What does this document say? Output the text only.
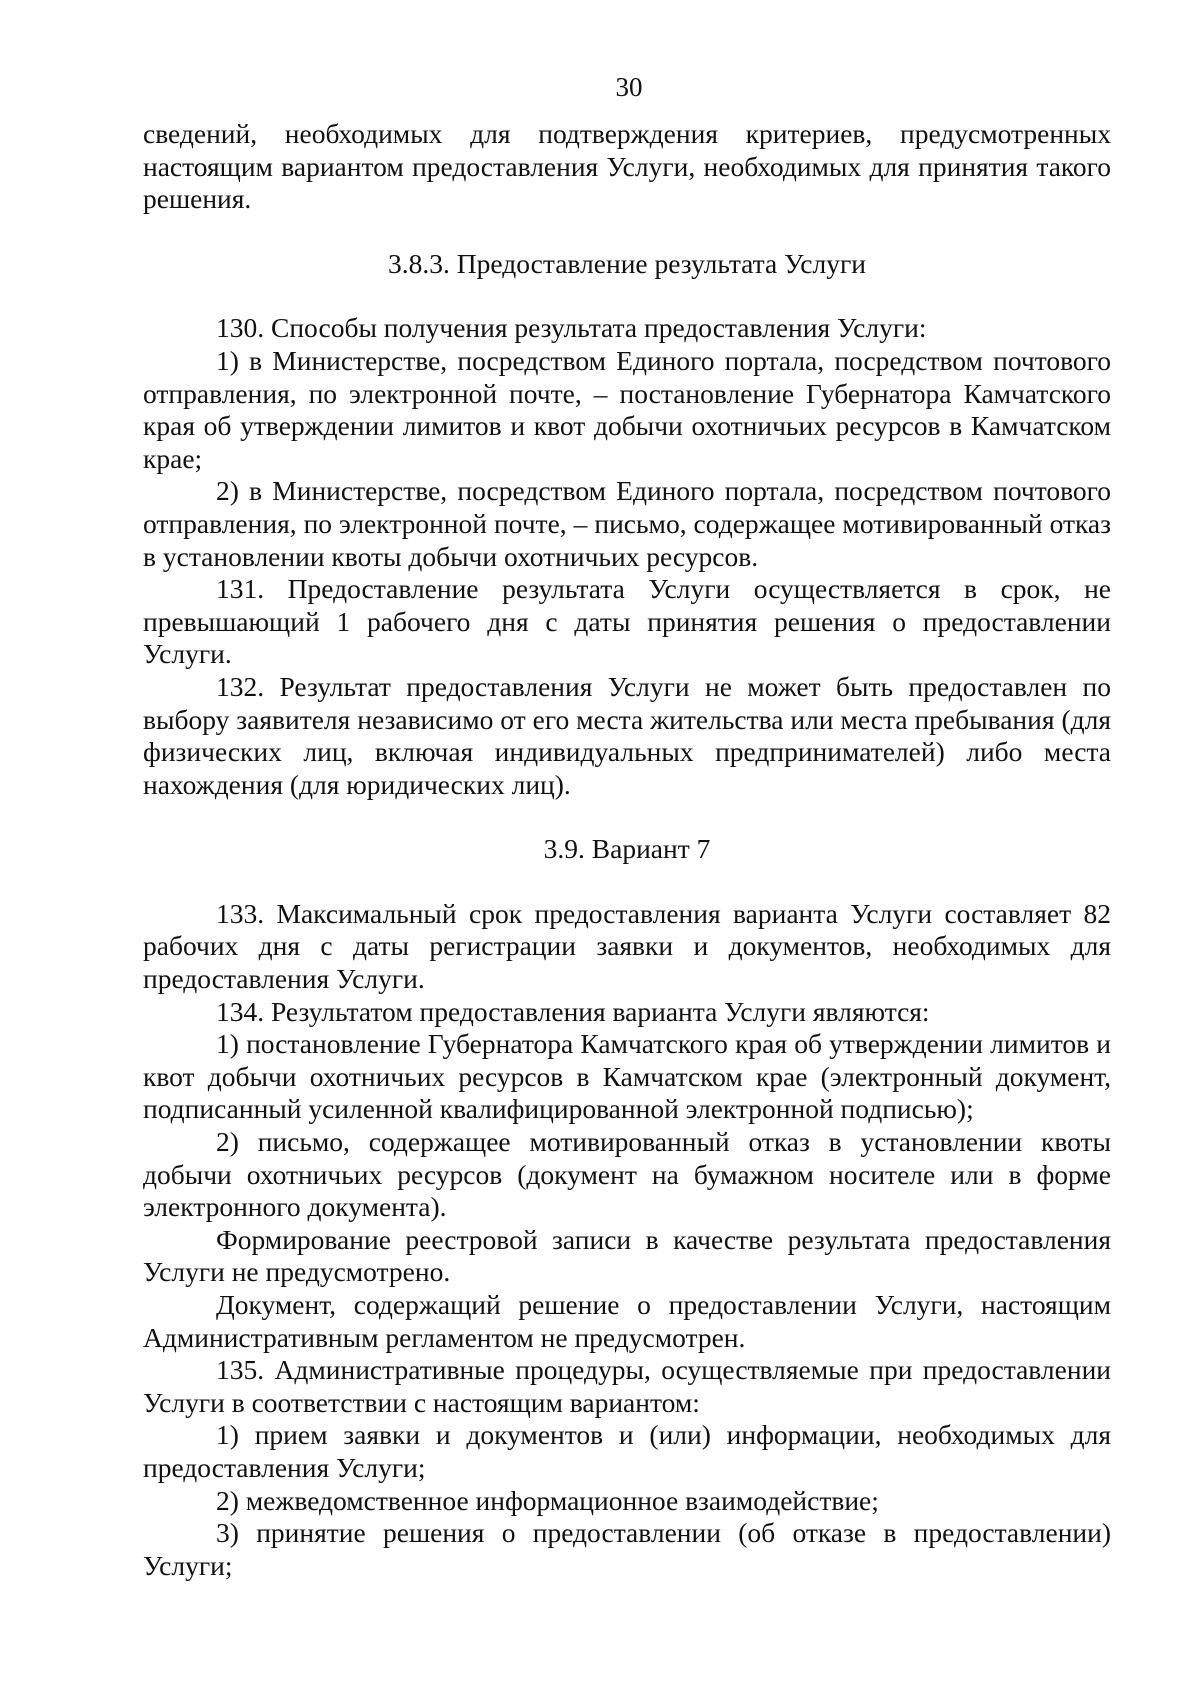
30

сведений, необходимых для подтверждения критериев, предусмотренных настоящим вариантом предоставления Услуги, необходимых для принятия такого решения.

3.8.3. Предоставление результата Услуги

130. Способы получения результата предоставления Услуги:

1) в Министерстве, посредством Единого портала, посредством почтового отправления, по электронной почте, – постановление Губернатора Камчатского края об утверждении лимитов и квот добычи охотничьих ресурсов в Камчатском крае;

2) в Министерстве, посредством Единого портала, посредством почтового отправления, по электронной почте, – письмо, содержащее мотивированный отказ в установлении квоты добычи охотничьих ресурсов.

131. Предоставление результата Услуги осуществляется в срок, не превышающий 1 рабочего дня с даты принятия решения о предоставлении Услуги.

132. Результат предоставления Услуги не может быть предоставлен по выбору заявителя независимо от его места жительства или места пребывания (для физических лиц, включая индивидуальных предпринимателей) либо места нахождения (для юридических лиц).

3.9. Вариант 7

133. Максимальный срок предоставления варианта Услуги составляет 82 рабочих дня с даты регистрации заявки и документов, необходимых для предоставления Услуги.

134. Результатом предоставления варианта Услуги являются:

1) постановление Губернатора Камчатского края об утверждении лимитов и квот добычи охотничьих ресурсов в Камчатском крае (электронный документ, подписанный усиленной квалифицированной электронной подписью);

2) письмо, содержащее мотивированный отказ в установлении квоты добычи охотничьих ресурсов (документ на бумажном носителе или в форме электронного документа).

Формирование реестровой записи в качестве результата предоставления Услуги не предусмотрено.

Документ, содержащий решение о предоставлении Услуги, настоящим Административным регламентом не предусмотрен.

135. Административные процедуры, осуществляемые при предоставлении Услуги в соответствии с настоящим вариантом:

1) прием заявки и документов и (или) информации, необходимых для предоставления Услуги;

2) межведомственное информационное взаимодействие;

3) принятие решения о предоставлении (об отказе в предоставлении) Услуги;
